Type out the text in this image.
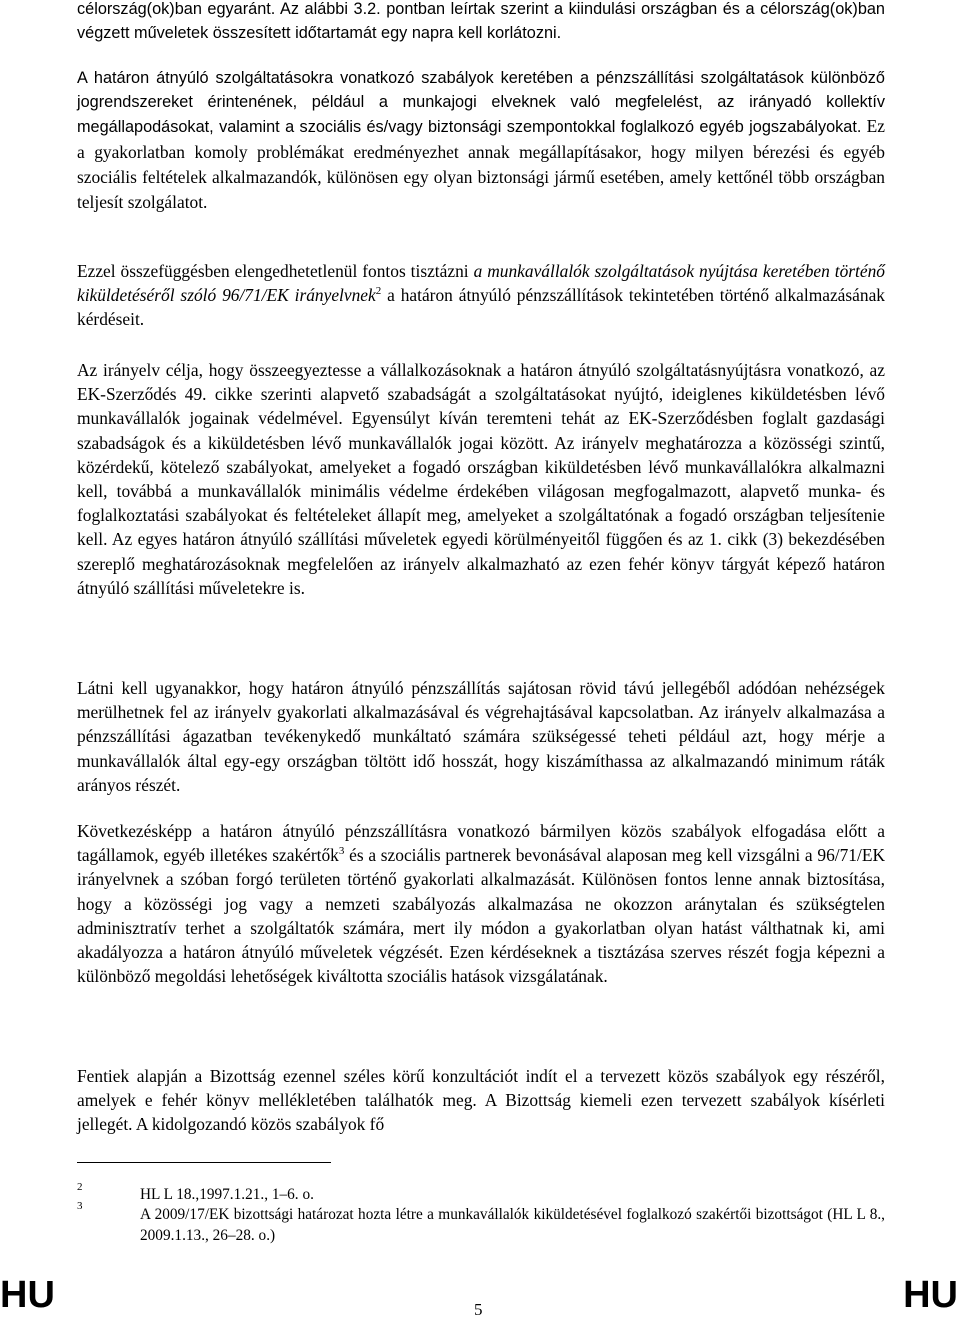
célország(ok)ban egyaránt. Az alábbi 3.2. pontban leírtak szerint a kiindulási országban és a célország(ok)ban végzett műveletek összesített időtartamát egy napra kell korlátozni.

A határon átnyúló szolgáltatásokra vonatkozó szabályok keretében a pénzszállítási szolgáltatások különböző jogrendszereket érintenének, például a munkajogi elveknek való megfelelést, az irányadó kollektív megállapodásokat, valamint a szociális és/vagy biztonsági szempontokkal foglalkozó egyéb jogszabályokat. Ez a gyakorlatban komoly problémákat eredményezhet annak megállapításakor, hogy milyen bérezési és egyéb szociális feltételek alkalmazandók, különösen egy olyan biztonsági jármű esetében, amely kettőnél több országban teljesít szolgálatot.

Ezzel összefüggésben elengedhetetlenül fontos tisztázni a munkavállalók szolgáltatások nyújtása keretében történő kiküldetéséről szóló 96/71/EK irányelvnek$^2$ a határon átnyúló pénzszállítások tekintetében történő alkalmazásának kérdéseit.

Az irányelv célja, hogy összeegyeztesse a vállalkozásoknak a határon átnyúló szolgáltatásnyújtásra vonatkozó, az EK-Szerződés 49. cikke szerinti alapvető szabadságát a szolgáltatásokat nyújtó, ideiglenes kiküldetésben lévő munkavállalók jogainak védelmével. Egyensúlyt kíván teremteni tehát az EK-Szerződésben foglalt gazdasági szabadságok és a kiküldetésben lévő munkavállalók jogai között. Az irányelv meghatározza a közösségi szintű, közérdekű, kötelező szabályokat, amelyeket a fogadó országban kiküldetésben lévő munkavállalókra alkalmazni kell, továbbá a munkavállalók minimális védelme érdekében világosan megfogalmazott, alapvető munka- és foglalkoztatási szabályokat és feltételeket állapít meg, amelyeket a szolgáltatónak a fogadó országban teljesítenie kell. Az egyes határon átnyúló szállítási műveletek egyedi körülményeitől függően és az 1. cikk (3) bekezdésében szereplő meghatározásoknak megfelelően az irányelv alkalmazható az ezen fehér könyv tárgyát képező határon átnyúló szállítási műveletekre is.

Látni kell ugyanakkor, hogy határon átnyúló pénzszállítás sajátosan rövid távú jellegéből adódóan nehézségek merülhetnek fel az irányelv gyakorlati alkalmazásával és végrehajtásával kapcsolatban. Az irányelv alkalmazása a pénzszállítási ágazatban tevékenykedő munkáltató számára szükségessé teheti például azt, hogy mérje a munkavállalók által egy-egy országban töltött idő hosszát, hogy kiszámíthassa az alkalmazandó minimum ráták arányos részét.

Következésképp a határon átnyúló pénzszállításra vonatkozó bármilyen közös szabályok elfogadása előtt a tagállamok, egyéb illetékes szakértők$^3$ és a szociális partnerek bevonásával alaposan meg kell vizsgálni a 96/71/EK irányelvnek a szóban forgó területen történő gyakorlati alkalmazását. Különösen fontos lenne annak biztosítása, hogy a közösségi jog vagy a nemzeti szabályozás alkalmazása ne okozzon aránytalan és szükségtelen adminisztratív terhet a szolgáltatók számára, mert ily módon a gyakorlatban olyan hatást válthatnak ki, ami akadályozza a határon átnyúló műveletek végzését. Ezen kérdéseknek a tisztázása szerves részét fogja képezni a különböző megoldási lehetőségek kiváltotta szociális hatások vizsgálatának.

Fentiek alapján a Bizottság ezennel széles körű konzultációt indít el a tervezett közös szabályok egy részéről, amelyek e fehér könyv mellékletében találhatók meg. A Bizottság kiemeli ezen tervezett szabályok kísérleti jellegét. A kidolgozandó közös szabályok fő

2	HL L 18.,1997.1.21., 1–6. o.

3	A 2009/17/EK bizottsági határozat hozta létre a munkavállalók kiküldetésével foglalkozó szakértői bizottságot (HL L 8., 2009.1.13., 26–28. o.)

HU	5	HU
